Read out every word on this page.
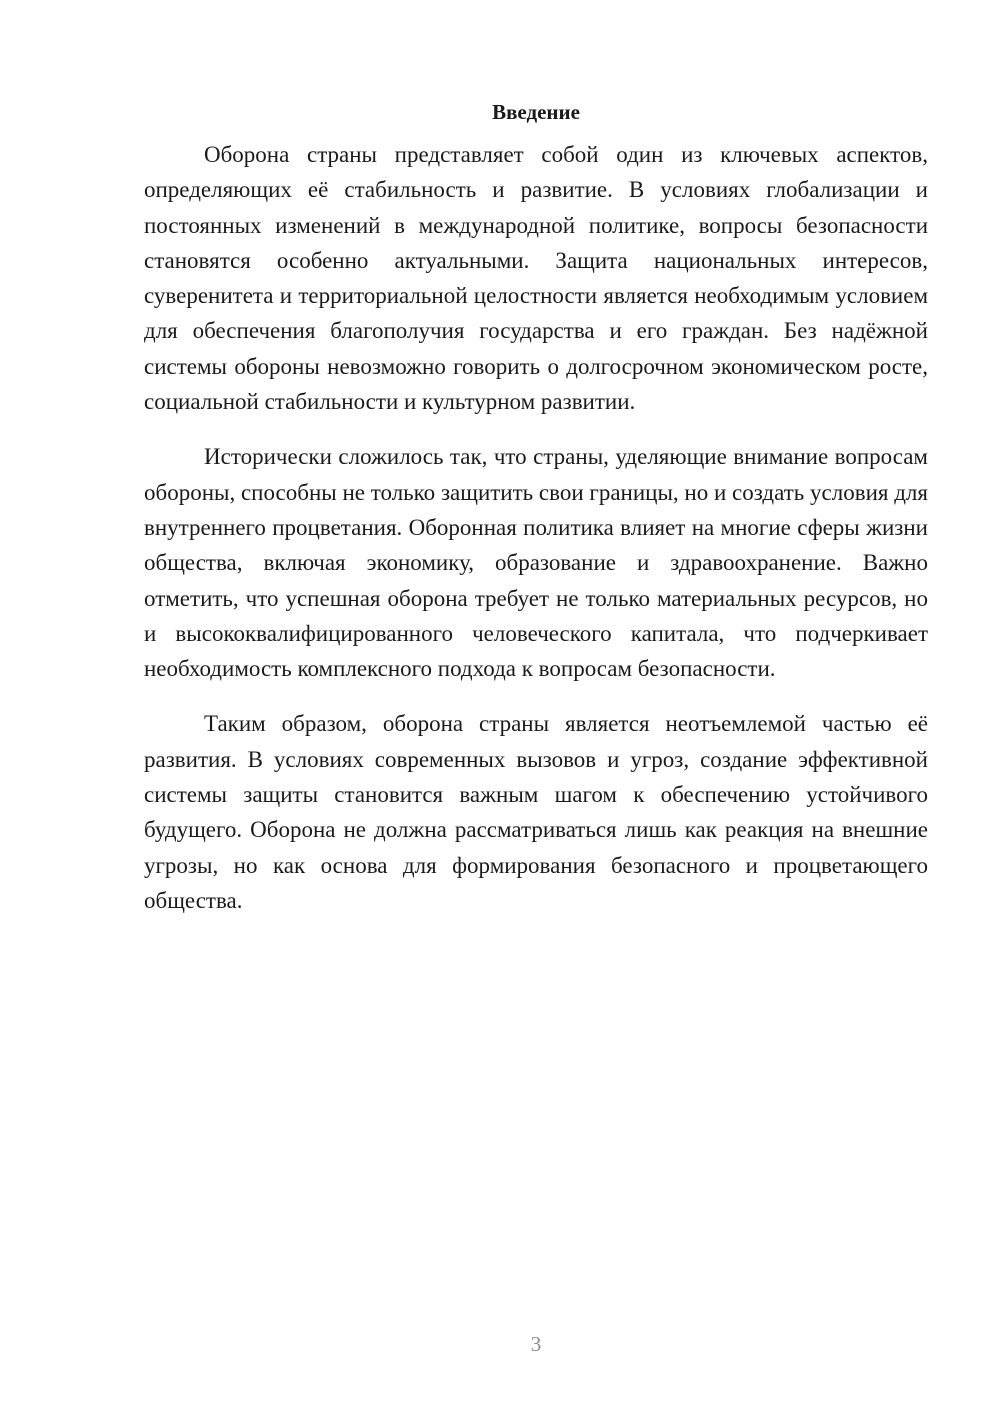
Введение

Оборона страны представляет собой один из ключевых аспектов, определяющих её стабильность и развитие. В условиях глобализации и постоянных изменений в международной политике, вопросы безопасности становятся особенно актуальными. Защита национальных интересов, суверенитета и территориальной целостности является необходимым условием для обеспечения благополучия государства и его граждан. Без надёжной системы обороны невозможно говорить о долгосрочном экономическом росте, социальной стабильности и культурном развитии.

Исторически сложилось так, что страны, уделяющие внимание вопросам обороны, способны не только защитить свои границы, но и создать условия для внутреннего процветания. Оборонная политика влияет на многие сферы жизни общества, включая экономику, образование и здравоохранение. Важно отметить, что успешная оборона требует не только материальных ресурсов, но и высококвалифицированного человеческого капитала, что подчеркивает необходимость комплексного подхода к вопросам безопасности.

Таким образом, оборона страны является неотъемлемой частью её развития. В условиях современных вызовов и угроз, создание эффективной системы защиты становится важным шагом к обеспечению устойчивого будущего. Оборона не должна рассматриваться лишь как реакция на внешние угрозы, но как основа для формирования безопасного и процветающего общества.

3
